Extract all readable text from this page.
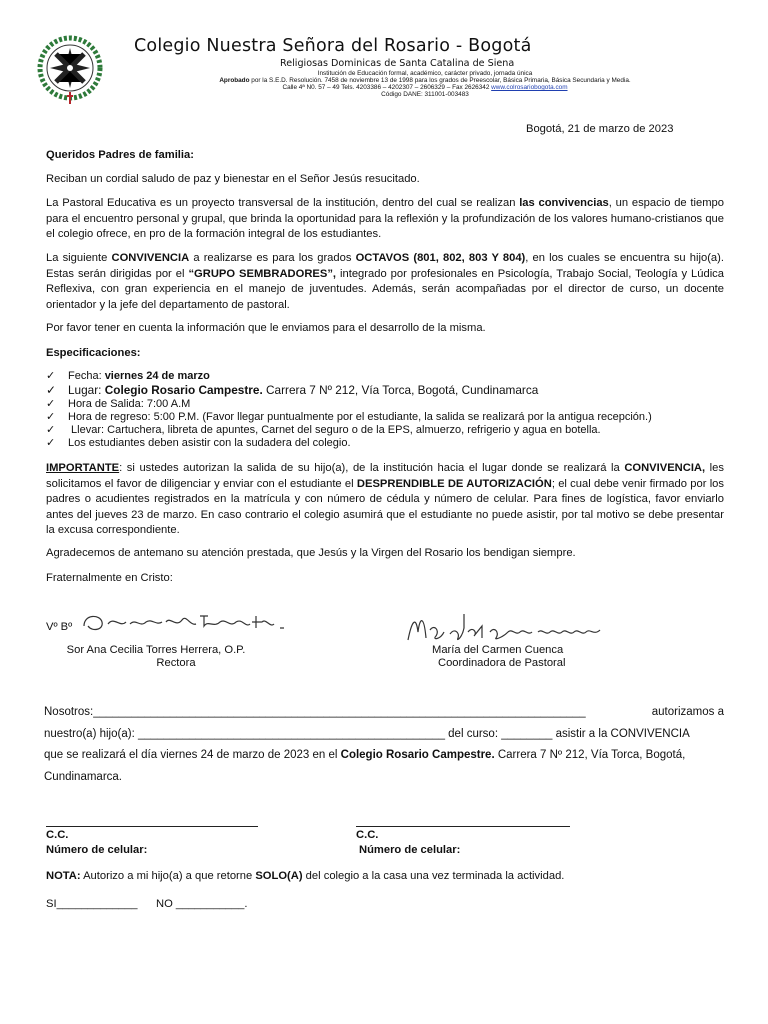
Colegio Nuestra Señora del Rosario - Bogotá
Religiosas Dominicas de Santa Catalina de Siena
Institución de Educación formal, académico, carácter privado, jornada única
Aprobado por la S.E.D. Resolución. 7458 de noviembre 13 de 1998 para los grados de Preescolar, Básica Primaria, Básica Secundaria y Media.
Calle 4ª N0. 57 – 49 Tels. 4203386 – 4202307 – 2606329 – Fax 2626342 www.colrosariobogota.com
Código DANE: 311001-003483
Bogotá, 21 de marzo de 2023
Queridos Padres de familia:
Reciban un cordial saludo de paz y bienestar en el Señor Jesús resucitado.
La Pastoral Educativa es un proyecto transversal de la institución, dentro del cual se realizan las convivencias, un espacio de tiempo para el encuentro personal y grupal, que brinda la oportunidad para la reflexión y la profundización de los valores humano-cristianos que el colegio ofrece, en pro de la formación integral de los estudiantes.
La siguiente CONVIVENCIA a realizarse es para los grados OCTAVOS (801, 802, 803 Y 804), en los cuales se encuentra su hijo(a). Estas serán dirigidas por el “GRUPO SEMBRADORES”, integrado por profesionales en Psicología, Trabajo Social, Teología y Lúdica Reflexiva, con gran experiencia en el manejo de juventudes. Además, serán acompañadas por el director de curso, un docente orientador y la jefe del departamento de pastoral.
Por favor tener en cuenta la información que le enviamos para el desarrollo de la misma.
Especificaciones:
✓ Fecha: viernes 24 de marzo
✓ Lugar: Colegio Rosario Campestre. Carrera 7 Nº 212, Vía Torca, Bogotá, Cundinamarca
✓ Hora de Salida: 7:00 A.M
✓ Hora de regreso: 5:00 P.M. (Favor llegar puntualmente por el estudiante, la salida se realizará por la antigua recepción.)
✓ Llevar: Cartuchera, libreta de apuntes, Carnet del seguro o de la EPS, almuerzo, refrigerio y agua en botella.
✓ Los estudiantes deben asistir con la sudadera del colegio.
IMPORTANTE: si ustedes autorizan la salida de su hijo(a), de la institución hacia el lugar donde se realizará la CONVIVENCIA, les solicitamos el favor de diligenciar y enviar con el estudiante el DESPRENDIBLE DE AUTORIZACIÓN; el cual debe venir firmado por los padres o acudientes registrados en la matrícula y con número de cédula y número de celular. Para fines de logística, favor enviarlo antes del jueves 23 de marzo. En caso contrario el colegio asumirá que el estudiante no puede asistir, por tal motivo se debe presentar la excusa correspondiente.
Agradecemos de antemano su atención prestada, que Jesús y la Virgen del Rosario los bendigan siempre.
Fraternalmente en Cristo:
Vº Bº
Sor Ana Cecilia Torres Herrera, O.P.
Rectora
María del Carmen Cuenca
Coordinadora de Pastoral
Nosotros:_____________________________________________________________________________	autorizamos a
nuestro(a) hijo(a): ________________________________________________ del curso: ________ asistir a la CONVIVENCIA
que se realizará el día viernes 24 de marzo de 2023 en el Colegio Rosario Campestre. Carrera 7 Nº 212, Vía Torca, Bogotá,
Cundinamarca.
C.C.	C.C.
Número de celular:	Número de celular:
NOTA: Autorizo a mi hijo(a) a que retorne SOLO(A) del colegio a la casa una vez terminada la actividad.
SI_____________ NO ___________.
